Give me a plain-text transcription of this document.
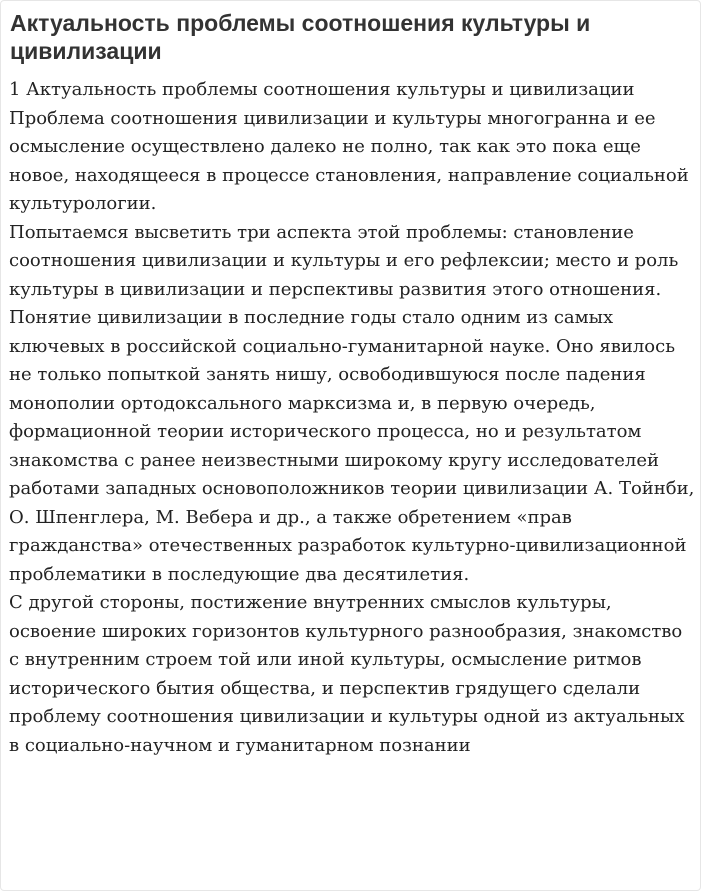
Актуальность проблемы соотношения культуры и цивилизации

1 Актуальность проблемы соотношения культуры и цивилизации

Проблема соотношения цивилизации и культуры многогранна и ее осмысление осуществлено далеко не полно, так как это пока еще новое, находящееся в процессе становления, направление социальной культурологии.

Попытаемся высветить три аспекта этой проблемы: становление соотношения цивилизации и культуры и его рефлексии; место и роль культуры в цивилизации и перспективы развития этого отношения.

Понятие цивилизации в последние годы стало одним из самых ключевых в российской социально-гуманитарной науке. Оно явилось не только попыткой занять нишу, освободившуюся после падения монополии ортодоксального марксизма и, в первую очередь, формационной теории исторического процесса, но и результатом знакомства с ранее неизвестными широкому кругу исследователей работами западных основоположников теории цивилизации А. Тойнби, О. Шпенглера, М. Вебера и др., а также обретением «прав гражданства» отечественных разработок культурно-цивилизационной проблематики в последующие два десятилетия.

С другой стороны, постижение внутренних смыслов культуры, освоение широких горизонтов культурного разнообразия, знакомство с внутренним строем той или иной культуры, осмысление ритмов исторического бытия общества, и перспектив грядущего сделали проблему соотношения цивилизации и культуры одной из актуальных в социально-научном и гуманитарном познании
